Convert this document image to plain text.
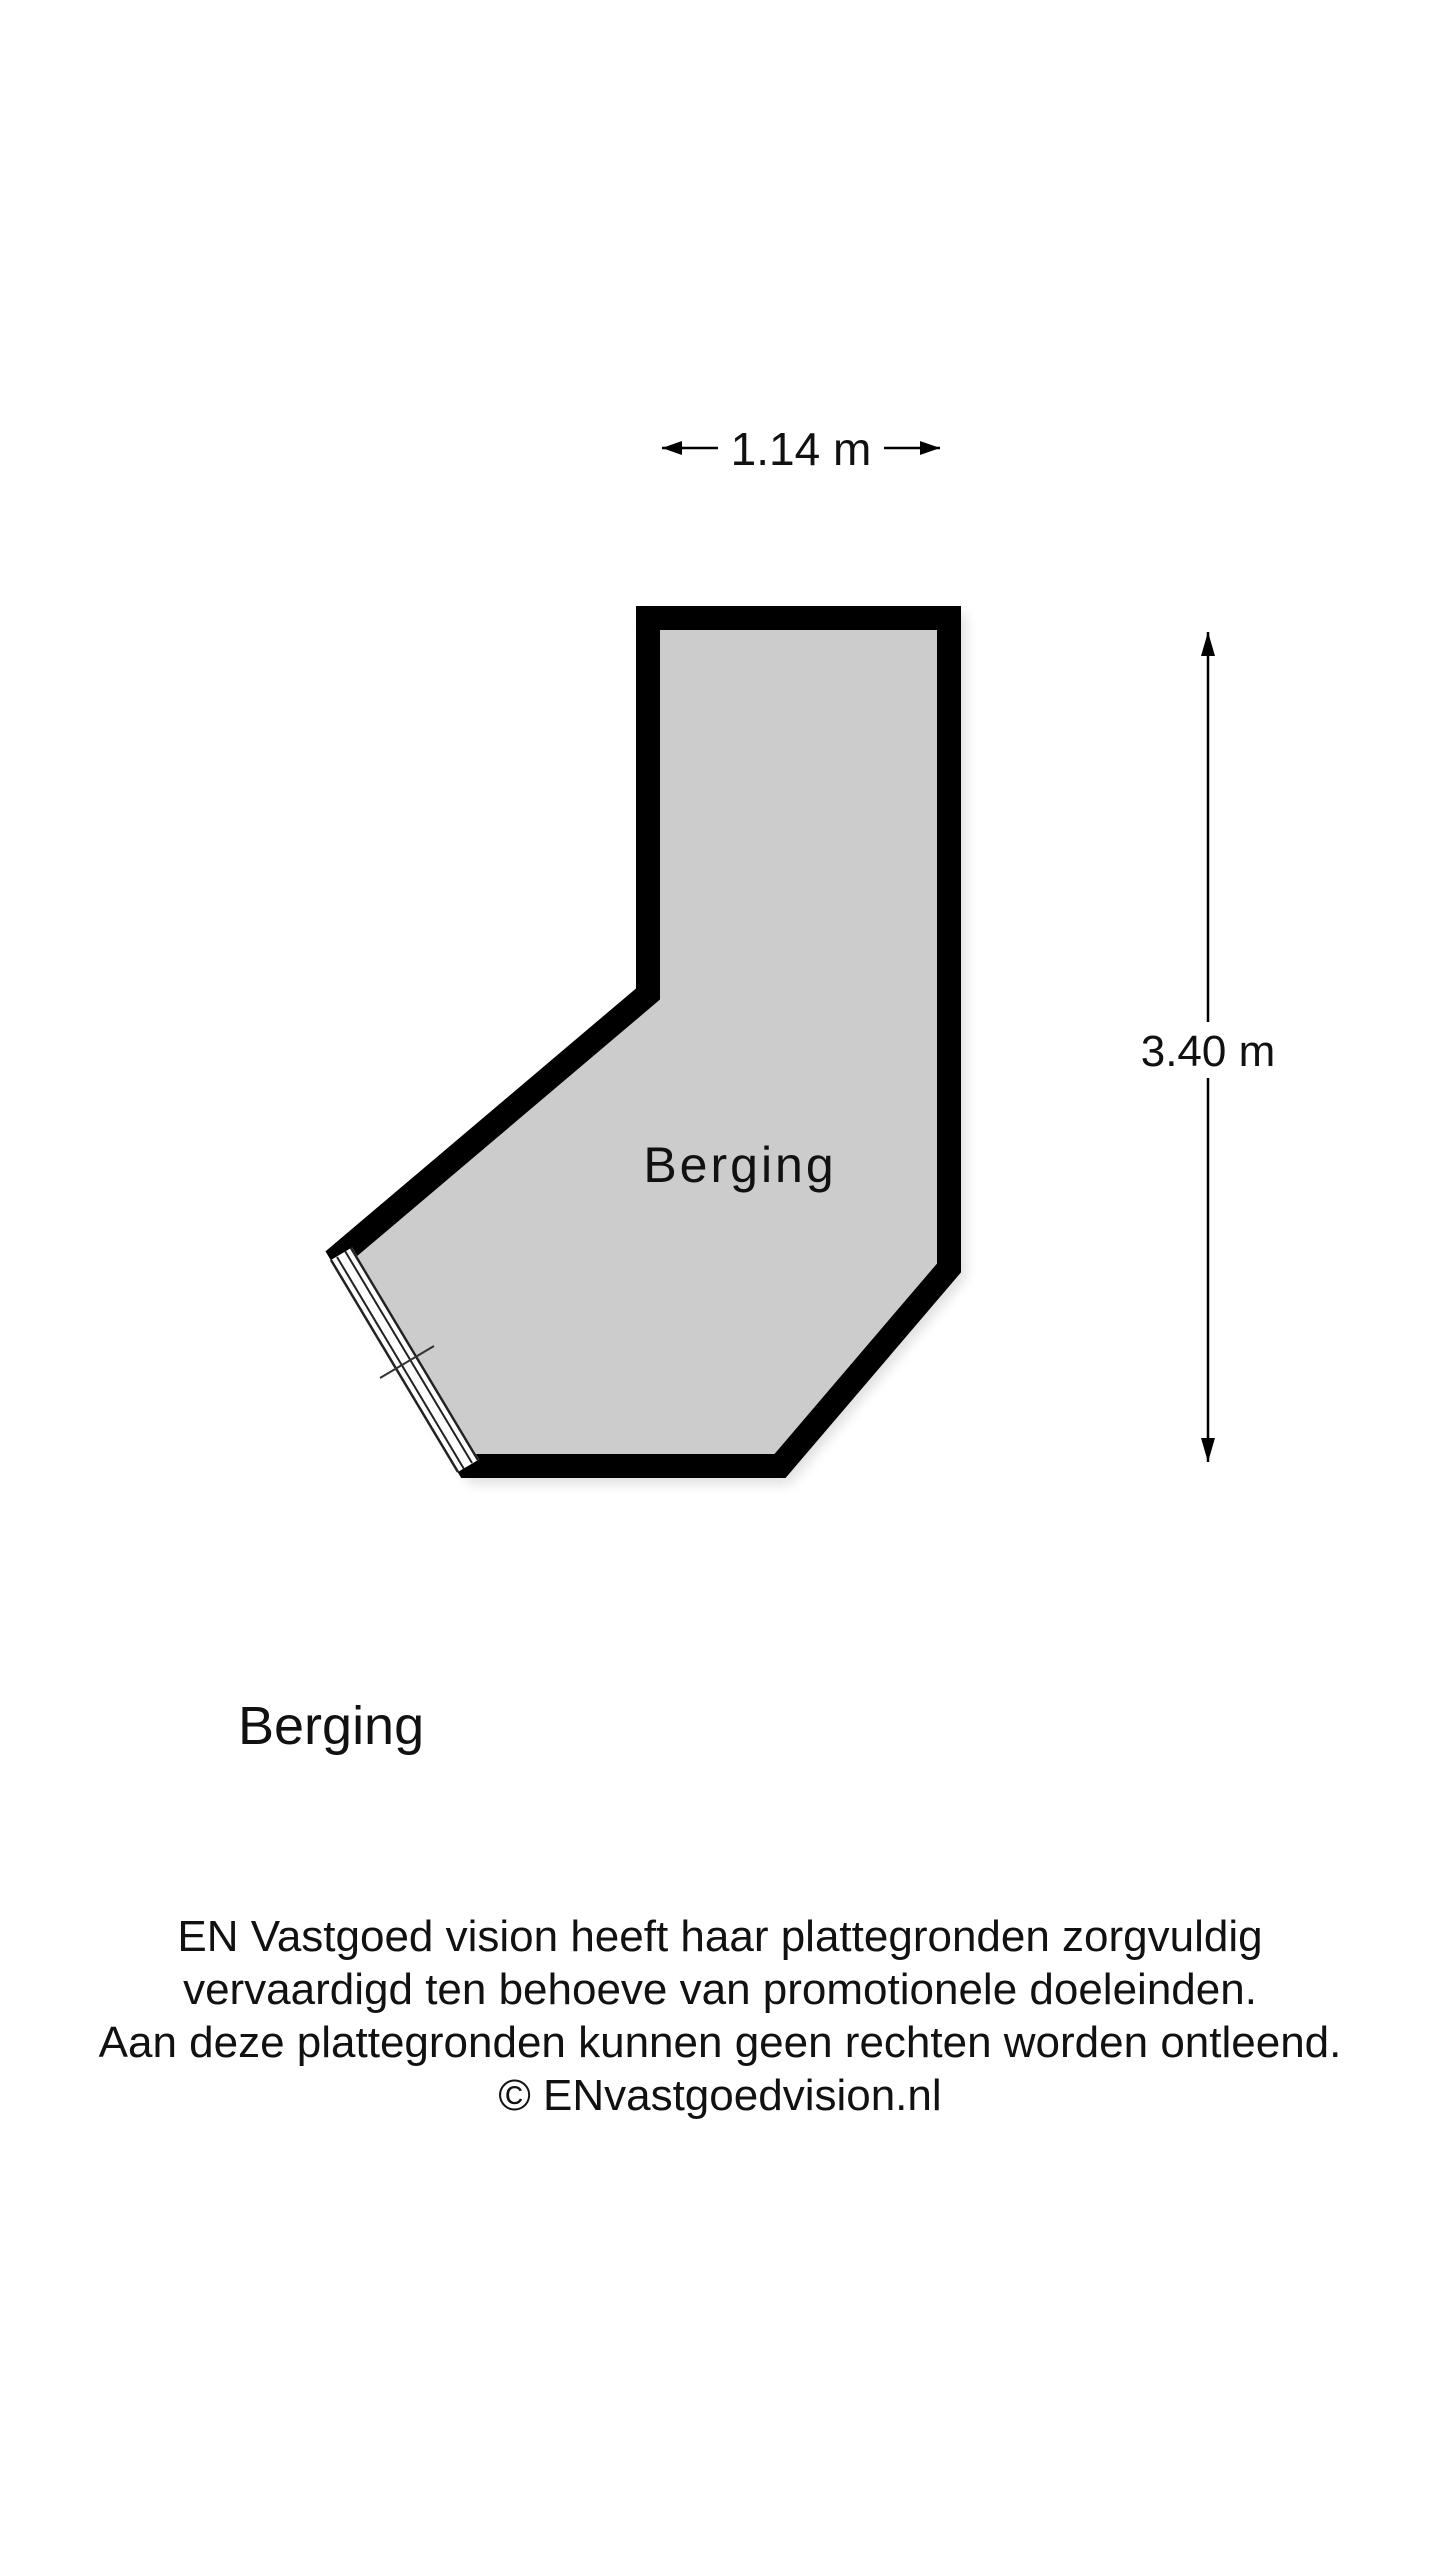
Berging
1.14 m
3.40 m
Berging
EN Vastgoed vision heeft haar plattegronden zorgvuldig
vervaardigd ten behoeve van promotionele doeleinden.
Aan deze plattegronden kunnen geen rechten worden ontleend.
© ENvastgoedvision.nl
